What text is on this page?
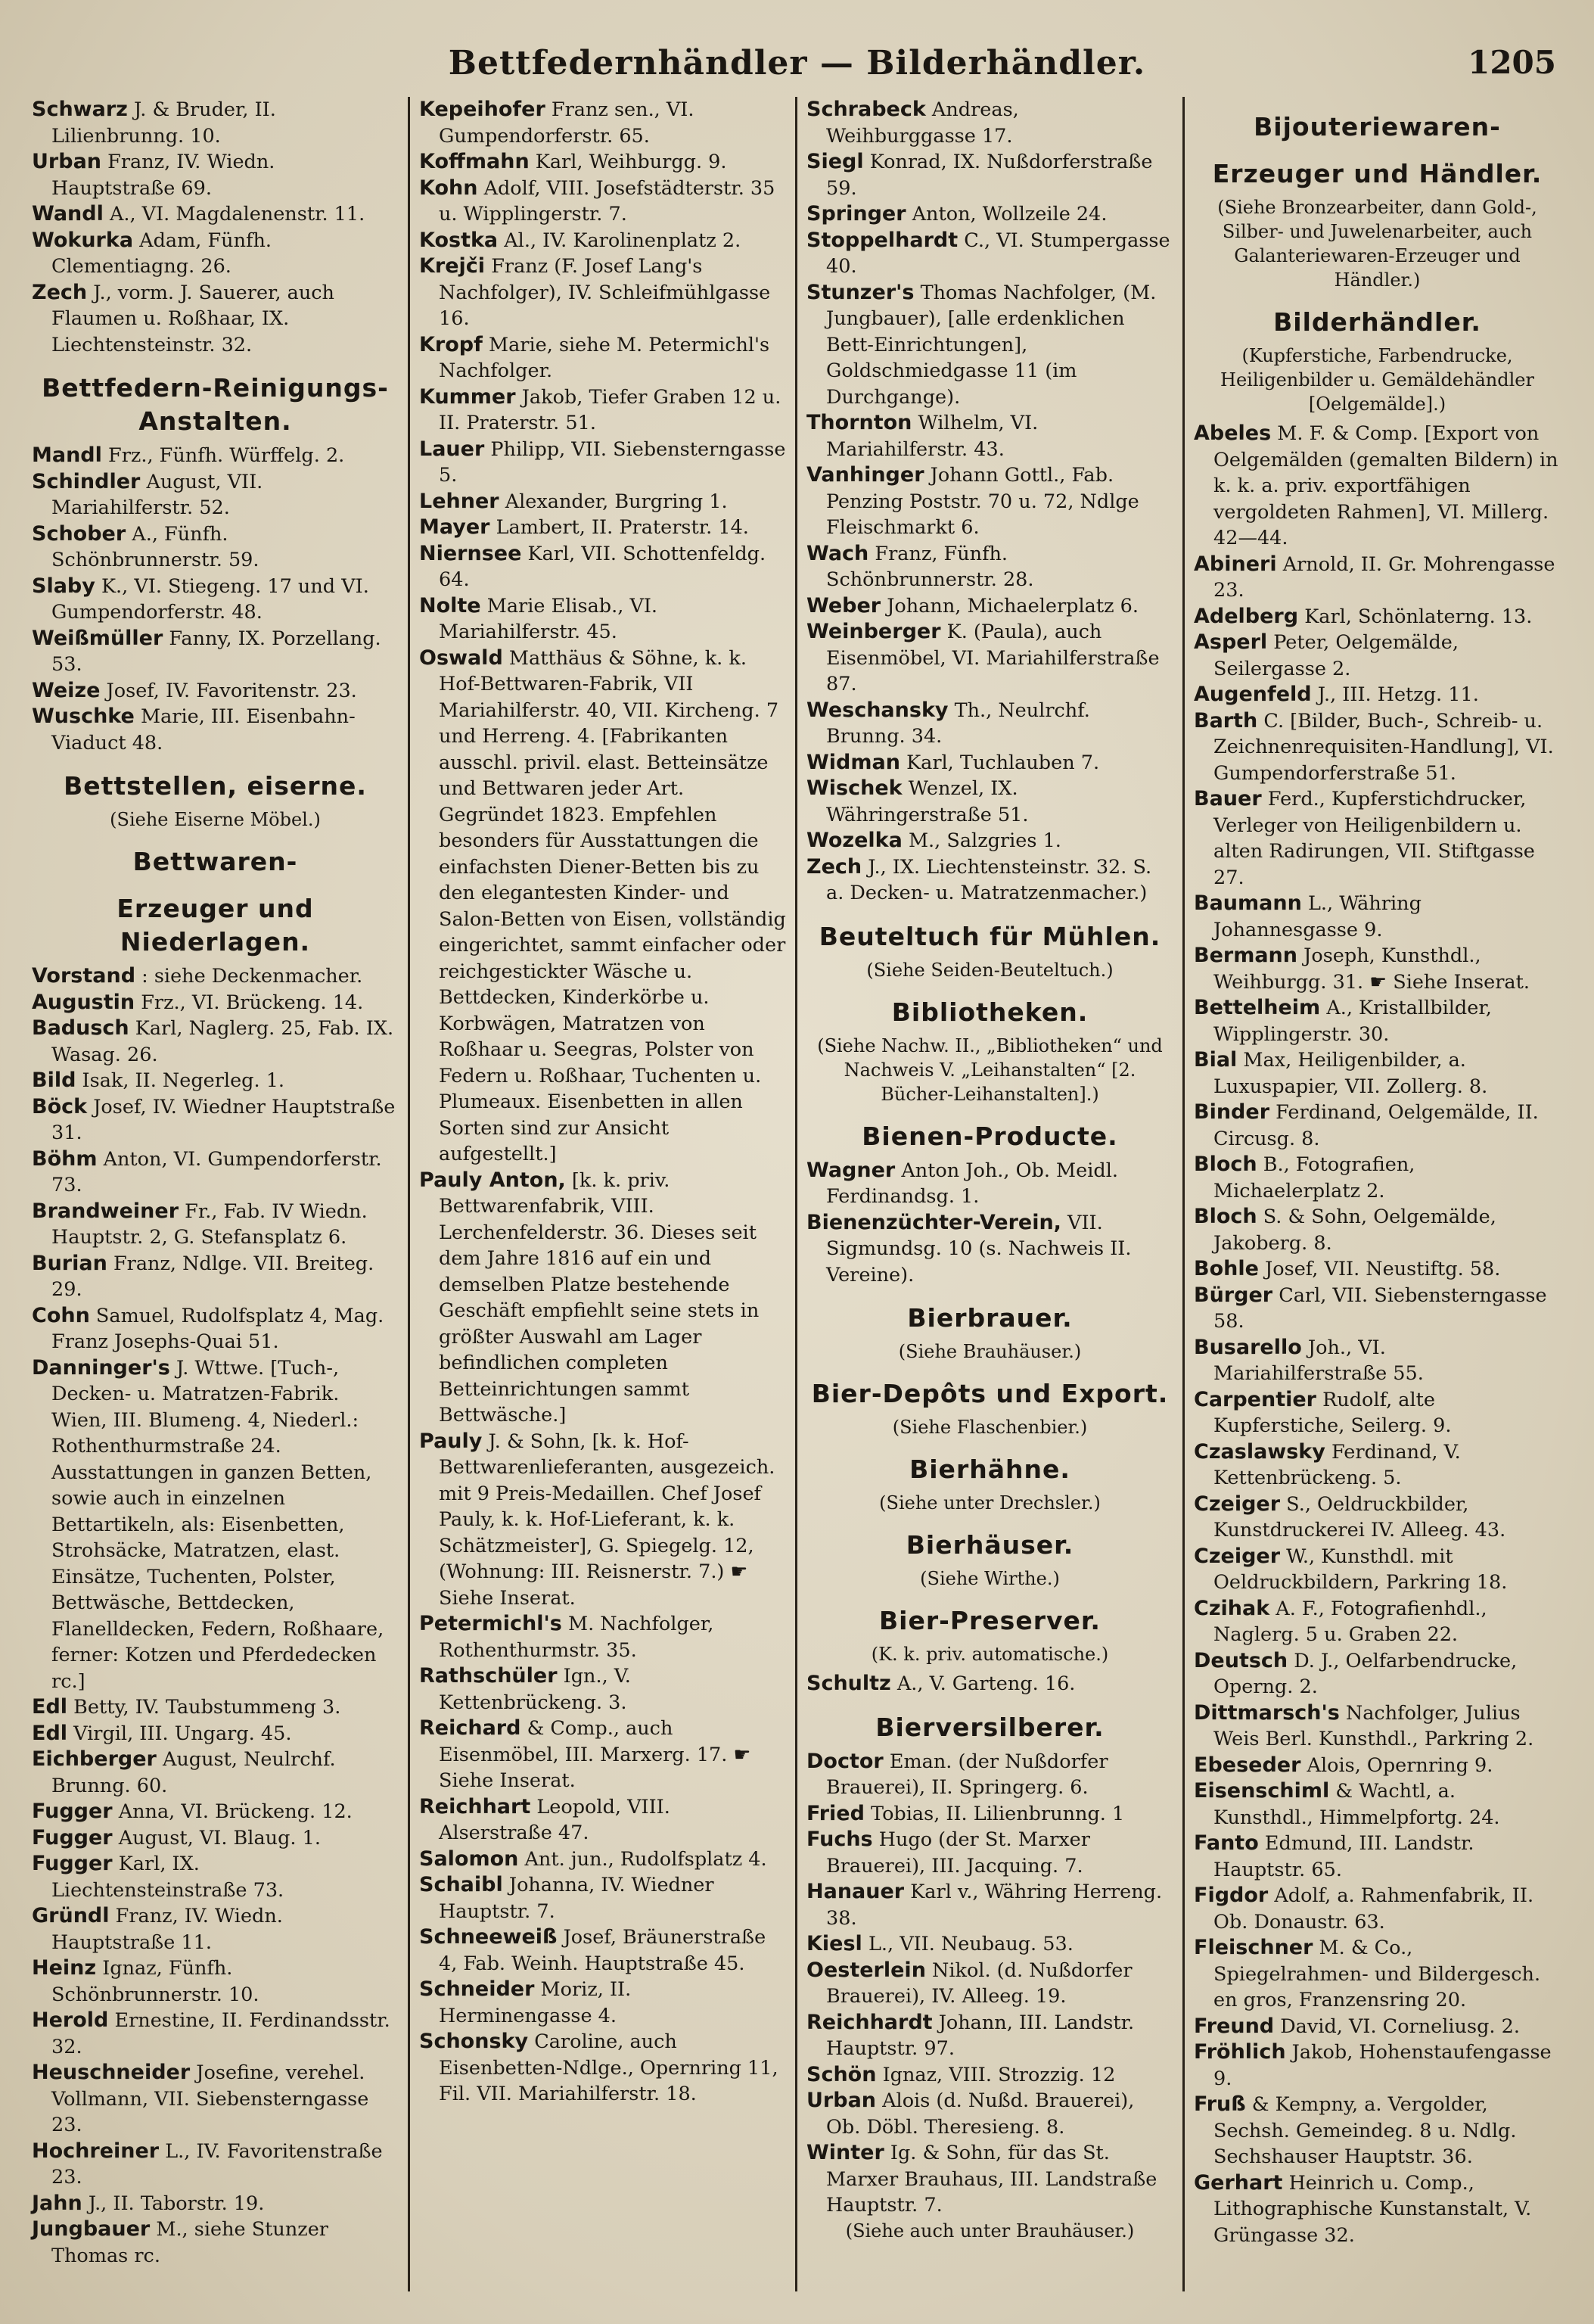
Bettfedernhändler — Bilderhändler.	1205

Schwarz J. & Bruder, II. Lilienbrunng. 10.

Urban Franz, IV. Wiedn. Hauptstraße 69.

Wandl A., VI. Magdalenenstr. 11.

Wokurka Adam, Fünfh. Clementiagng. 26.

Zech J., vorm. J. Sauerer, auch Flaumen u. Roßhaar, IX. Liechtensteinstr. 32.

Bettfedern-Reinigungs-Anstalten.

Mandl Frz., Fünfh. Würffelg. 2.

Schindler August, VII. Mariahilferstr. 52.

Schober A., Fünfh. Schönbrunnerstr. 59.

Slaby K., VI. Stiegeng. 17 und VI. Gumpendorferstr. 48.

Weißmüller Fanny, IX. Porzellang. 53.

Weize Josef, IV. Favoritenstr. 23.

Wuschke Marie, III. Eisenbahn-Viaduct 48.

Bettstellen, eiserne.
(Siehe Eiserne Möbel.)
Bettwaren-
Erzeuger und Niederlagen.

Vorstand : siehe Deckenmacher.

Augustin Frz., VI. Brückeng. 14.

Badusch Karl, Naglerg. 25, Fab. IX. Wasag. 26.

Bild Isak, II. Negerleg. 1.

Böck Josef, IV. Wiedner Hauptstraße 31.

Böhm Anton, VI. Gumpendorferstr. 73.

Brandweiner Fr., Fab. IV Wiedn. Hauptstr. 2, G. Stefansplatz 6.

Burian Franz, Ndlge. VII. Breiteg. 29.

Cohn Samuel, Rudolfsplatz 4, Mag. Franz Josephs-Quai 51.

Danninger's J. Wttwe. [Tuch-, Decken- u. Matratzen-Fabrik. Wien, III. Blumeng. 4, Niederl.: Rothenthurmstraße 24. Ausstattungen in ganzen Betten, sowie auch in einzelnen Bettartikeln, als: Eisenbetten, Strohsäcke, Matratzen, elast. Einsätze, Tuchenten, Polster, Bettwäsche, Bettdecken, Flanelldecken, Federn, Roßhaare, ferner: Kotzen und Pferdedecken rc.]

Edl Betty, IV. Taubstummeng 3.

Edl Virgil, III. Ungarg. 45.

Eichberger August, Neulrchf. Brunng. 60.

Fugger Anna, VI. Brückeng. 12.

Fugger August, VI. Blaug. 1.

Fugger Karl, IX. Liechtensteinstraße 73.

Gründl Franz, IV. Wiedn. Hauptstraße 11.

Heinz Ignaz, Fünfh. Schönbrunnerstr. 10.

Herold Ernestine, II. Ferdinandsstr. 32.

Heuschneider Josefine, verehel. Vollmann, VII. Siebensterngasse 23.

Hochreiner L., IV. Favoritenstraße 23.

Jahn J., II. Taborstr. 19.

Jungbauer M., siehe Stunzer Thomas rc.

Kepeihofer Franz sen., VI. Gumpendorferstr. 65.

Koffmahn Karl, Weihburgg. 9.

Kohn Adolf, VIII. Josefstädterstr. 35 u. Wipplingerstr. 7.

Kostka Al., IV. Karolinenplatz 2.

Krejči Franz (F. Josef Lang's Nachfolger), IV. Schleifmühlgasse 16.

Kropf Marie, siehe M. Petermichl's Nachfolger.

Kummer Jakob, Tiefer Graben 12 u. II. Praterstr. 51.

Lauer Philipp, VII. Siebensterngasse 5.

Lehner Alexander, Burgring 1.

Mayer Lambert, II. Praterstr. 14.

Niernsee Karl, VII. Schottenfeldg. 64.

Nolte Marie Elisab., VI. Mariahilferstr. 45.

Oswald Matthäus & Söhne, k. k. Hof-Bettwaren-Fabrik, VII Mariahilferstr. 40, VII. Kircheng. 7 und Herreng. 4. [Fabrikanten ausschl. privil. elast. Betteinsätze und Bettwaren jeder Art. Gegründet 1823. Empfehlen besonders für Ausstattungen die einfachsten Diener-Betten bis zu den elegantesten Kinder- und Salon-Betten von Eisen, vollständig eingerichtet, sammt einfacher oder reichgestickter Wäsche u. Bettdecken, Kinderkörbe u. Korbwägen, Matratzen von Roßhaar u. Seegras, Polster von Federn u. Roßhaar, Tuchenten u. Plumeaux. Eisenbetten in allen Sorten sind zur Ansicht aufgestellt.]

Pauly Anton, [k. k. priv. Bettwarenfabrik, VIII. Lerchenfelderstr. 36. Dieses seit dem Jahre 1816 auf ein und demselben Platze bestehende Geschäft empfiehlt seine stets in größter Auswahl am Lager befindlichen completen Betteinrichtungen sammt Bettwäsche.]

Pauly J. & Sohn, [k. k. Hof-Bettwarenlieferanten, ausgezeich. mit 9 Preis-Medaillen. Chef Josef Pauly, k. k. Hof-Lieferant, k. k. Schätzmeister], G. Spiegelg. 12, (Wohnung: III. Reisnerstr. 7.) ☛ Siehe Inserat.

Petermichl's M. Nachfolger, Rothenthurmstr. 35.

Rathschüler Ign., V. Kettenbrückeng. 3.

Reichard & Comp., auch Eisenmöbel, III. Marxerg. 17. ☛ Siehe Inserat.

Reichhart Leopold, VIII. Alserstraße 47.

Salomon Ant. jun., Rudolfsplatz 4.

Schaibl Johanna, IV. Wiedner Hauptstr. 7.

Schneeweiß Josef, Bräunerstraße 4, Fab. Weinh. Hauptstraße 45.

Schneider Moriz, II. Herminengasse 4.

Schonsky Caroline, auch Eisenbetten-Ndlge., Opernring 11, Fil. VII. Mariahilferstr. 18.

Schrabeck Andreas, Weihburggasse 17.

Siegl Konrad, IX. Nußdorferstraße 59.

Springer Anton, Wollzeile 24.

Stoppelhardt C., VI. Stumpergasse 40.

Stunzer's Thomas Nachfolger, (M. Jungbauer), [alle erdenklichen Bett-Einrichtungen], Goldschmiedgasse 11 (im Durchgange).

Thornton Wilhelm, VI. Mariahilferstr. 43.

Vanhinger Johann Gottl., Fab. Penzing Poststr. 70 u. 72, Ndlge Fleischmarkt 6.

Wach Franz, Fünfh. Schönbrunnerstr. 28.

Weber Johann, Michaelerplatz 6.

Weinberger K. (Paula), auch Eisenmöbel, VI. Mariahilferstraße 87.

Weschansky Th., Neulrchf. Brunng. 34.

Widman Karl, Tuchlauben 7.

Wischek Wenzel, IX. Währingerstraße 51.

Wozelka M., Salzgries 1.

Zech J., IX. Liechtensteinstr. 32. S. a. Decken- u. Matratzenmacher.)

Beuteltuch für Mühlen.
(Siehe Seiden-Beuteltuch.)
Bibliotheken.
(Siehe Nachw. II., „Bibliotheken“ und Nachweis V. „Leihanstalten“ [2. Bücher-Leihanstalten].)
Bienen-Producte.

Wagner Anton Joh., Ob. Meidl. Ferdinandsg. 1.

Bienenzüchter-Verein, VII. Sigmundsg. 10 (s. Nachweis II. Vereine).

Bierbrauer.
(Siehe Brauhäuser.)
Bier-Depôts und Export.
(Siehe Flaschenbier.)
Bierhähne.
(Siehe unter Drechsler.)
Bierhäuser.
(Siehe Wirthe.)
Bier-Preserver.
(K. k. priv. automatische.)

Schultz A., V. Garteng. 16.

Bierversilberer.

Doctor Eman. (der Nußdorfer Brauerei), II. Springerg. 6.

Fried Tobias, II. Lilienbrunng. 1

Fuchs Hugo (der St. Marxer Brauerei), III. Jacquing. 7.

Hanauer Karl v., Währing Herreng. 38.

Kiesl L., VII. Neubaug. 53.

Oesterlein Nikol. (d. Nußdorfer Brauerei), IV. Alleeg. 19.

Reichhardt Johann, III. Landstr. Hauptstr. 97.

Schön Ignaz, VIII. Strozzig. 12

Urban Alois (d. Nußd. Brauerei), Ob. Döbl. Theresieng. 8.

Winter Ig. & Sohn, für das St. Marxer Brauhaus, III. Landstraße Hauptstr. 7.

(Siehe auch unter Brauhäuser.)
Bijouteriewaren-
Erzeuger und Händler.
(Siehe Bronzearbeiter, dann Gold-, Silber- und Juwelenarbeiter, auch Galanteriewaren-Erzeuger und Händler.)
Bilderhändler.
(Kupferstiche, Farbendrucke, Heiligenbilder u. Gemäldehändler [Oelgemälde].)

Abeles M. F. & Comp. [Export von Oelgemälden (gemalten Bildern) in k. k. a. priv. exportfähigen vergoldeten Rahmen], VI. Millerg. 42—44.

Abineri Arnold, II. Gr. Mohrengasse 23.

Adelberg Karl, Schönlaterng. 13.

Asperl Peter, Oelgemälde, Seilergasse 2.

Augenfeld J., III. Hetzg. 11.

Barth C. [Bilder, Buch-, Schreib- u. Zeichnenrequisiten-Handlung], VI. Gumpendorferstraße 51.

Bauer Ferd., Kupferstichdrucker, Verleger von Heiligenbildern u. alten Radirungen, VII. Stiftgasse 27.

Baumann L., Währing Johannesgasse 9.

Bermann Joseph, Kunsthdl., Weihburgg. 31. ☛ Siehe Inserat.

Bettelheim A., Kristallbilder, Wipplingerstr. 30.

Bial Max, Heiligenbilder, a. Luxuspapier, VII. Zollerg. 8.

Binder Ferdinand, Oelgemälde, II. Circusg. 8.

Bloch B., Fotografien, Michaelerplatz 2.

Bloch S. & Sohn, Oelgemälde, Jakoberg. 8.

Bohle Josef, VII. Neustiftg. 58.

Bürger Carl, VII. Siebensterngasse 58.

Busarello Joh., VI. Mariahilferstraße 55.

Carpentier Rudolf, alte Kupferstiche, Seilerg. 9.

Czaslawsky Ferdinand, V. Kettenbrückeng. 5.

Czeiger S., Oeldruckbilder, Kunstdruckerei IV. Alleeg. 43.

Czeiger W., Kunsthdl. mit Oeldruckbildern, Parkring 18.

Czihak A. F., Fotografienhdl., Naglerg. 5 u. Graben 22.

Deutsch D. J., Oelfarbendrucke, Operng. 2.

Dittmarsch's Nachfolger, Julius Weis Berl. Kunsthdl., Parkring 2.

Ebeseder Alois, Opernring 9.

Eisenschiml & Wachtl, a. Kunsthdl., Himmelpfortg. 24.

Fanto Edmund, III. Landstr. Hauptstr. 65.

Figdor Adolf, a. Rahmenfabrik, II. Ob. Donaustr. 63.

Fleischner M. & Co., Spiegelrahmen- und Bildergesch. en gros, Franzensring 20.

Freund David, VI. Corneliusg. 2.

Fröhlich Jakob, Hohenstaufengasse 9.

Fruß & Kempny, a. Vergolder, Sechsh. Gemeindeg. 8 u. Ndlg. Sechshauser Hauptstr. 36.

Gerhart Heinrich u. Comp., Lithographische Kunstanstalt, V. Grüngasse 32.
